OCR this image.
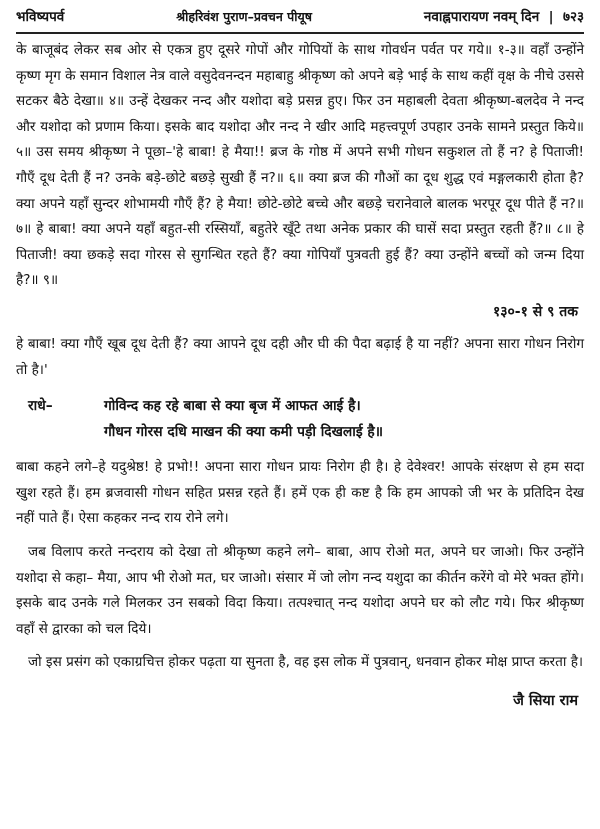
भविष्यपर्व	श्रीहरिवंश पुराण–प्रवचन पीयूष	नवाह्नपारायण नवम् दिन | ७२३

के बाजूबंद लेकर सब ओर से एकत्र हुए दूसरे गोपों और गोपियों के साथ गोवर्धन पर्वत पर गये॥ १-३॥ वहाँ उन्होंने कृष्ण मृग के समान विशाल नेत्र वाले वसुदेवनन्दन महाबाहु श्रीकृष्ण को अपने बड़े भाई के साथ कहीं वृक्ष के नीचे उससे सटकर बैठे देखा॥ ४॥ उन्हें देखकर नन्द और यशोदा बड़े प्रसन्न हुए। फिर उन महाबली देवता श्रीकृष्ण-बलदेव ने नन्द और यशोदा को प्रणाम किया। इसके बाद यशोदा और नन्द ने खीर आदि महत्त्वपूर्ण उपहार उनके सामने प्रस्तुत किये॥ ५॥ उस समय श्रीकृष्ण ने पूछा–'हे बाबा! हे मैया!! ब्रज के गोष्ठ में अपने सभी गोधन सकुशल तो हैं न? हे पिताजी! गौएँ दूध देती हैं न? उनके बड़े-छोटे बछड़े सुखी हैं न?॥ ६॥ क्या ब्रज की गौओं का दूध शुद्ध एवं मङ्गलकारी होता है? क्या अपने यहाँ सुन्दर शोभामयी गौएँ हैं? हे मैया! छोटे-छोटे बच्चे और बछड़े चरानेवाले बालक भरपूर दूध पीते हैं न?॥ ७॥ हे बाबा! क्या अपने यहाँ बहुत-सी रस्सियाँ, बहुतेरे खूँटे तथा अनेक प्रकार की घासें सदा प्रस्तुत रहती हैं?॥ ८॥ हे पिताजी! क्या छकड़े सदा गोरस से सुगन्धित रहते हैं? क्या गोपियाँ पुत्रवती हुई हैं? क्या उन्होंने बच्चों को जन्म दिया है?॥ ९॥

१३०-१ से ९ तक

हे बाबा! क्या गौएँ खूब दूध देती हैं? क्या आपने दूध दही और घी की पैदा बढ़ाई है या नहीं? अपना सारा गोधन निरोग तो है।'

राधे–	गोविन्द कह रहे बाबा से क्या बृज में आफत आई है।
गौधन गोरस दधि माखन की क्या कमी पड़ी दिखलाई है॥

बाबा कहने लगे–हे यदुश्रेष्ठ! हे प्रभो!! अपना सारा गोधन प्रायः निरोग ही है। हे देवेश्वर! आपके संरक्षण से हम सदा खुश रहते हैं। हम ब्रजवासी गोधन सहित प्रसन्न रहते हैं। हमें एक ही कष्ट है कि हम आपको जी भर के प्रतिदिन देख नहीं पाते हैं। ऐसा कहकर नन्द राय रोने लगे।

जब विलाप करते नन्दराय को देखा तो श्रीकृष्ण कहने लगे– बाबा, आप रोओ मत, अपने घर जाओ। फिर उन्होंने यशोदा से कहा– मैया, आप भी रोओ मत, घर जाओ। संसार में जो लोग नन्द यशुदा का कीर्तन करेंगे वो मेरे भक्त होंगे। इसके बाद उनके गले मिलकर उन सबको विदा किया। तत्पश्चात् नन्द यशोदा अपने घर को लौट गये। फिर श्रीकृष्ण वहाँ से द्वारका को चल दिये।

जो इस प्रसंग को एकाग्रचित्त होकर पढ़ता या सुनता है, वह इस लोक में पुत्रवान्, धनवान होकर मोक्ष प्राप्त करता है।

जै सिया राम
